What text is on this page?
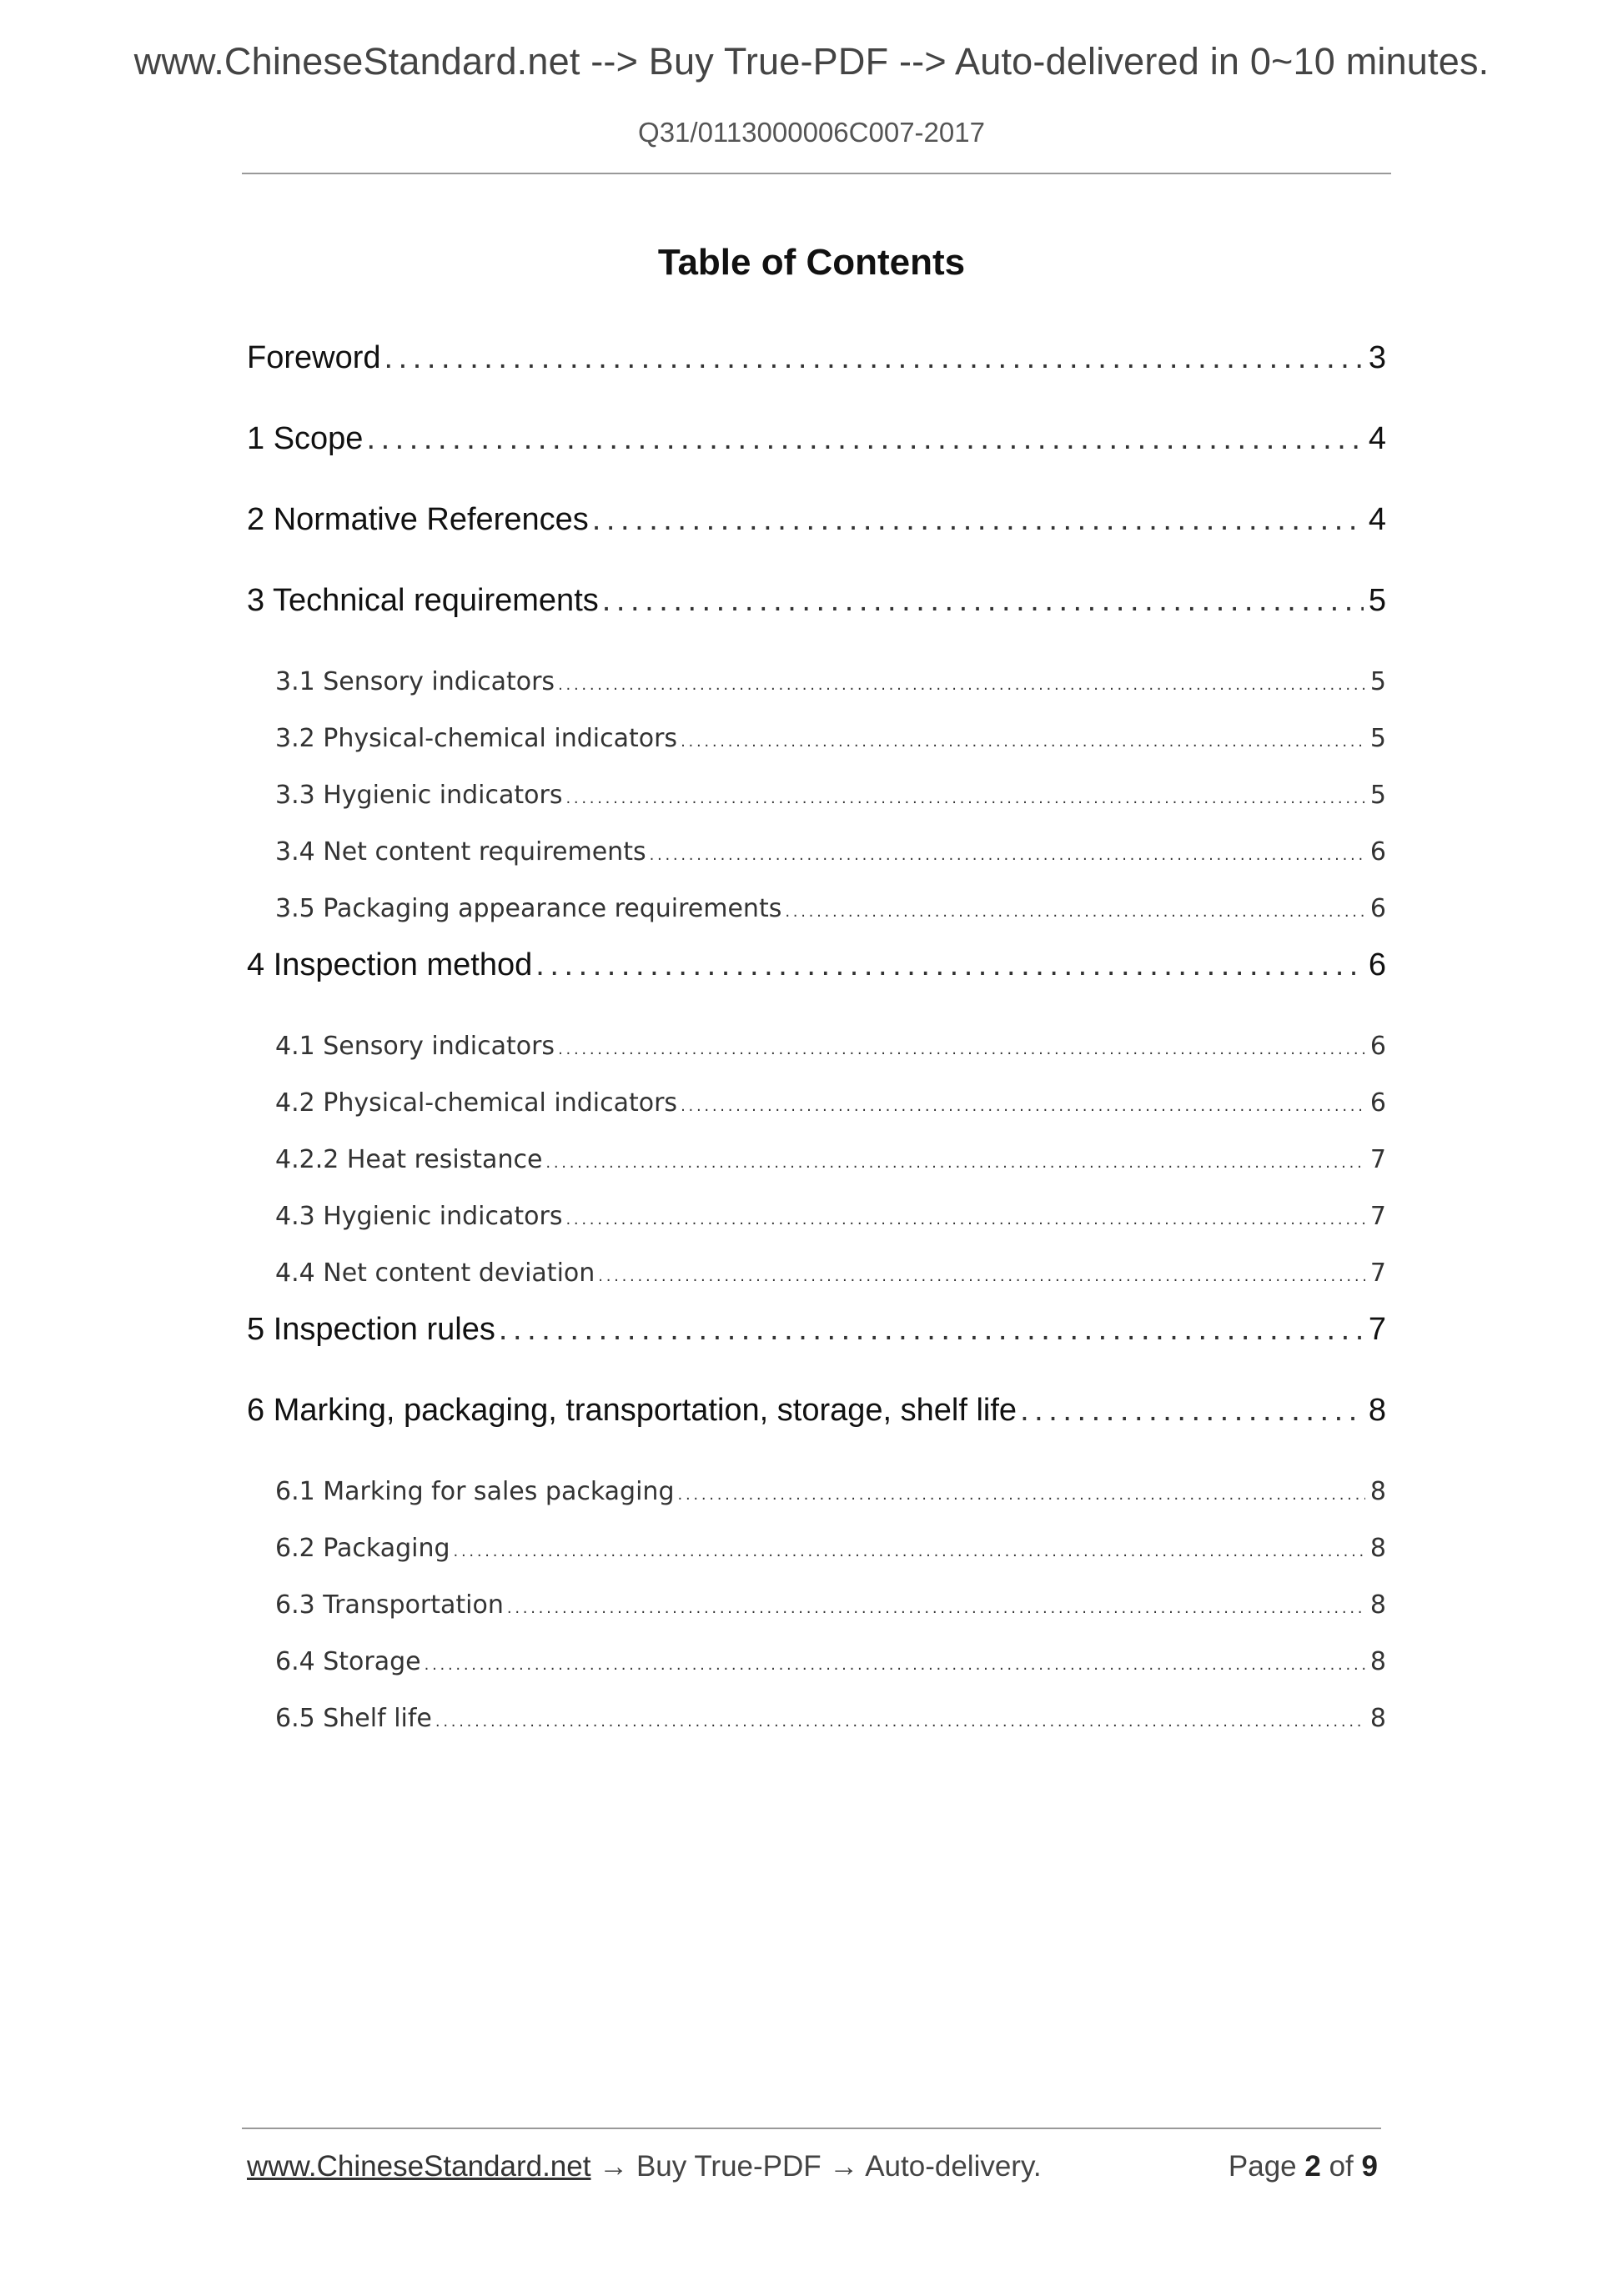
www.ChineseStandard.net --> Buy True-PDF --> Auto-delivered in 0~10 minutes.
Q31/0113000006C007-2017
Table of Contents
Foreword . . .	3
1 Scope . . .	4
2 Normative References . . .	4
3 Technical requirements . . .	5
3.1 Sensory indicators . . .	5
3.2 Physical-chemical indicators . . .	5
3.3 Hygienic indicators . . .	5
3.4 Net content requirements . . .	6
3.5 Packaging appearance requirements . . .	6
4 Inspection method . . .	6
4.1 Sensory indicators . . .	6
4.2 Physical-chemical indicators . . .	6
4.2.2 Heat resistance . . .	7
4.3 Hygienic indicators . . .	7
4.4 Net content deviation . . .	7
5 Inspection rules . . .	7
6 Marking, packaging, transportation, storage, shelf life . . .	8
6.1 Marking for sales packaging . . .	8
6.2 Packaging . . .	8
6.3 Transportation . . .	8
6.4 Storage . . .	8
6.5 Shelf life . . .	8
www.ChineseStandard.net → Buy True-PDF → Auto-delivery.	Page 2 of 9
